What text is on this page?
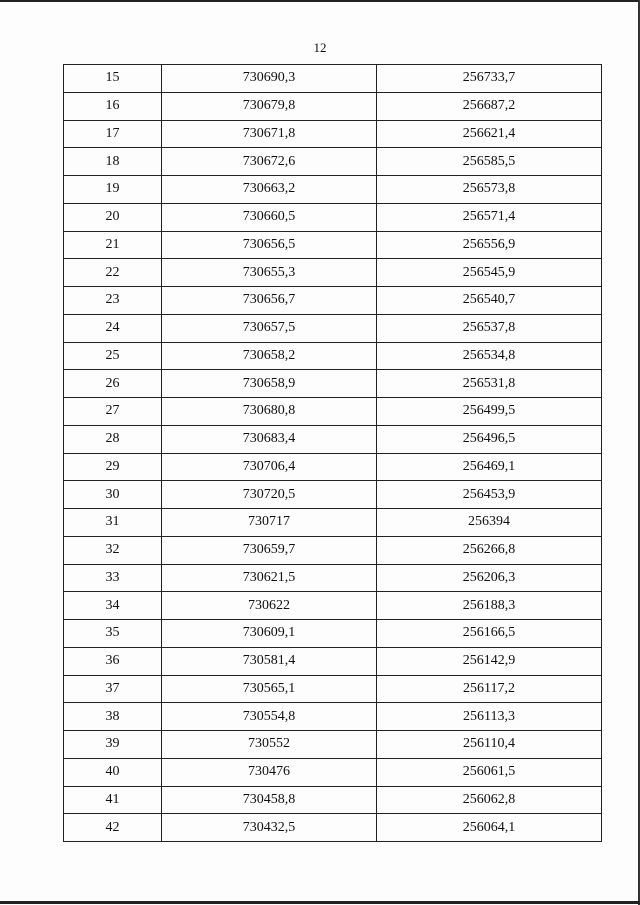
12
15	730690,3	256733,7
16	730679,8	256687,2
17	730671,8	256621,4
18	730672,6	256585,5
19	730663,2	256573,8
20	730660,5	256571,4
21	730656,5	256556,9
22	730655,3	256545,9
23	730656,7	256540,7
24	730657,5	256537,8
25	730658,2	256534,8
26	730658,9	256531,8
27	730680,8	256499,5
28	730683,4	256496,5
29	730706,4	256469,1
30	730720,5	256453,9
31	730717	256394
32	730659,7	256266,8
33	730621,5	256206,3
34	730622	256188,3
35	730609,1	256166,5
36	730581,4	256142,9
37	730565,1	256117,2
38	730554,8	256113,3
39	730552	256110,4
40	730476	256061,5
41	730458,8	256062,8
42	730432,5	256064,1
